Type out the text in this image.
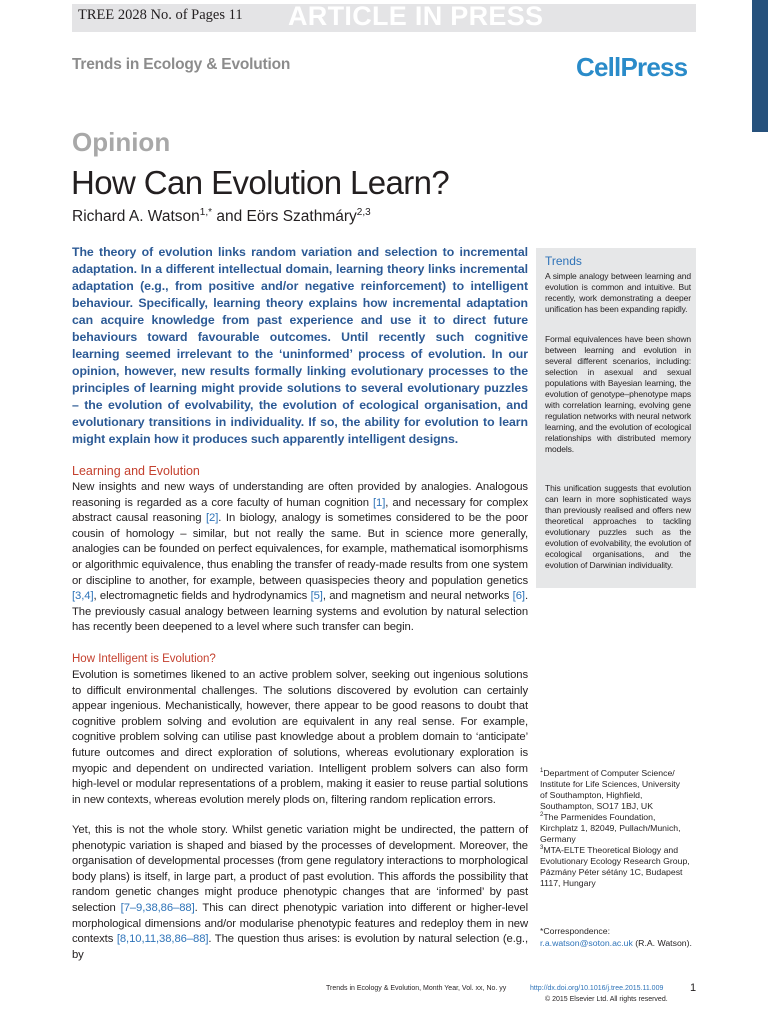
TREE 2028 No. of Pages 11 ARTICLE IN PRESS
Trends in Ecology & Evolution	CellPress
Opinion
How Can Evolution Learn?
Richard A. Watson$^{1,*}$ and Eörs Szathmáry$^{2,3}$
The theory of evolution links random variation and selection to incremental adaptation. In a different intellectual domain, learning theory links incremental adaptation (e.g., from positive and/or negative reinforcement) to intelligent behaviour. Specifically, learning theory explains how incremental adaptation can acquire knowledge from past experience and use it to direct future behaviours toward favourable outcomes. Until recently such cognitive learning seemed irrelevant to the ‘uninformed’ process of evolution. In our opinion, however, new results formally linking evolutionary processes to the principles of learning might provide solutions to several evolutionary puzzles – the evolution of evolvability, the evolution of ecological organisation, and evolutionary transitions in individuality. If so, the ability for evolution to learn might explain how it produces such apparently intelligent designs.
Learning and Evolution
New insights and new ways of understanding are often provided by analogies. Analogous reasoning is regarded as a core faculty of human cognition [1], and necessary for complex abstract causal reasoning [2]. In biology, analogy is sometimes considered to be the poor cousin of homology – similar, but not really the same. But in science more generally, analogies can be founded on perfect equivalences, for example, mathematical isomorphisms or algorithmic equivalence, thus enabling the transfer of ready-made results from one system or discipline to another, for example, between quasispecies theory and population genetics [3,4], electromagnetic fields and hydrodynamics [5], and magnetism and neural networks [6]. The previously casual analogy between learning systems and evolution by natural selection has recently been deepened to a level where such transfer can begin.
How Intelligent is Evolution?
Evolution is sometimes likened to an active problem solver, seeking out ingenious solutions to difficult environmental challenges. The solutions discovered by evolution can certainly appear ingenious. Mechanistically, however, there appear to be good reasons to doubt that cognitive problem solving and evolution are equivalent in any real sense. For example, cognitive problem solving can utilise past knowledge about a problem domain to ‘anticipate’ future outcomes and direct exploration of solutions, whereas evolutionary exploration is myopic and dependent on undirected variation. Intelligent problem solvers can also form high-level or modular representations of a problem, making it easier to reuse partial solutions in new contexts, whereas evolution merely plods on, filtering random replication errors.
Yet, this is not the whole story. Whilst genetic variation might be undirected, the pattern of phenotypic variation is shaped and biased by the processes of development. Moreover, the organisation of developmental processes (from gene regulatory interactions to morphological body plans) is itself, in large part, a product of past evolution. This affords the possibility that random genetic changes might produce phenotypic changes that are ‘informed’ by past selection [7–9,38,86–88]. This can direct phenotypic variation into different or higher-level morphological dimensions and/or modularise phenotypic features and redeploy them in new contexts [8,10,11,38,86–88]. The question thus arises: is evolution by natural selection (e.g., by
Trends
A simple analogy between learning and evolution is common and intuitive. But recently, work demonstrating a deeper unification has been expanding rapidly.
Formal equivalences have been shown between learning and evolution in several different scenarios, including: selection in asexual and sexual populations with Bayesian learning, the evolution of genotype–phenotype maps with correlation learning, evolving gene regulation networks with neural network learning, and the evolution of ecological relationships with distributed memory models.
This unification suggests that evolution can learn in more sophisticated ways than previously realised and offers new theoretical approaches to tackling evolutionary puzzles such as the evolution of evolvability, the evolution of ecological organisations, and the evolution of Darwinian individuality.
$^1$Department of Computer Science/
Institute for Life Sciences, University
of Southampton, Highfield,
Southampton, SO17 1BJ, UK
$^2$The Parmenides Foundation,
Kirchplatz 1, 82049, Pullach/Munich,
Germany
$^3$MTA-ELTE Theoretical Biology and
Evolutionary Ecology Research Group,
Pázmány Péter sétány 1C, Budapest
1117, Hungary
*Correspondence:
r.a.watson@soton.ac.uk (R.A. Watson).
Trends in Ecology & Evolution, Month Year, Vol. xx, No. yy	http://dx.doi.org/10.1016/j.tree.2015.11.009 1
© 2015 Elsevier Ltd. All rights reserved.
